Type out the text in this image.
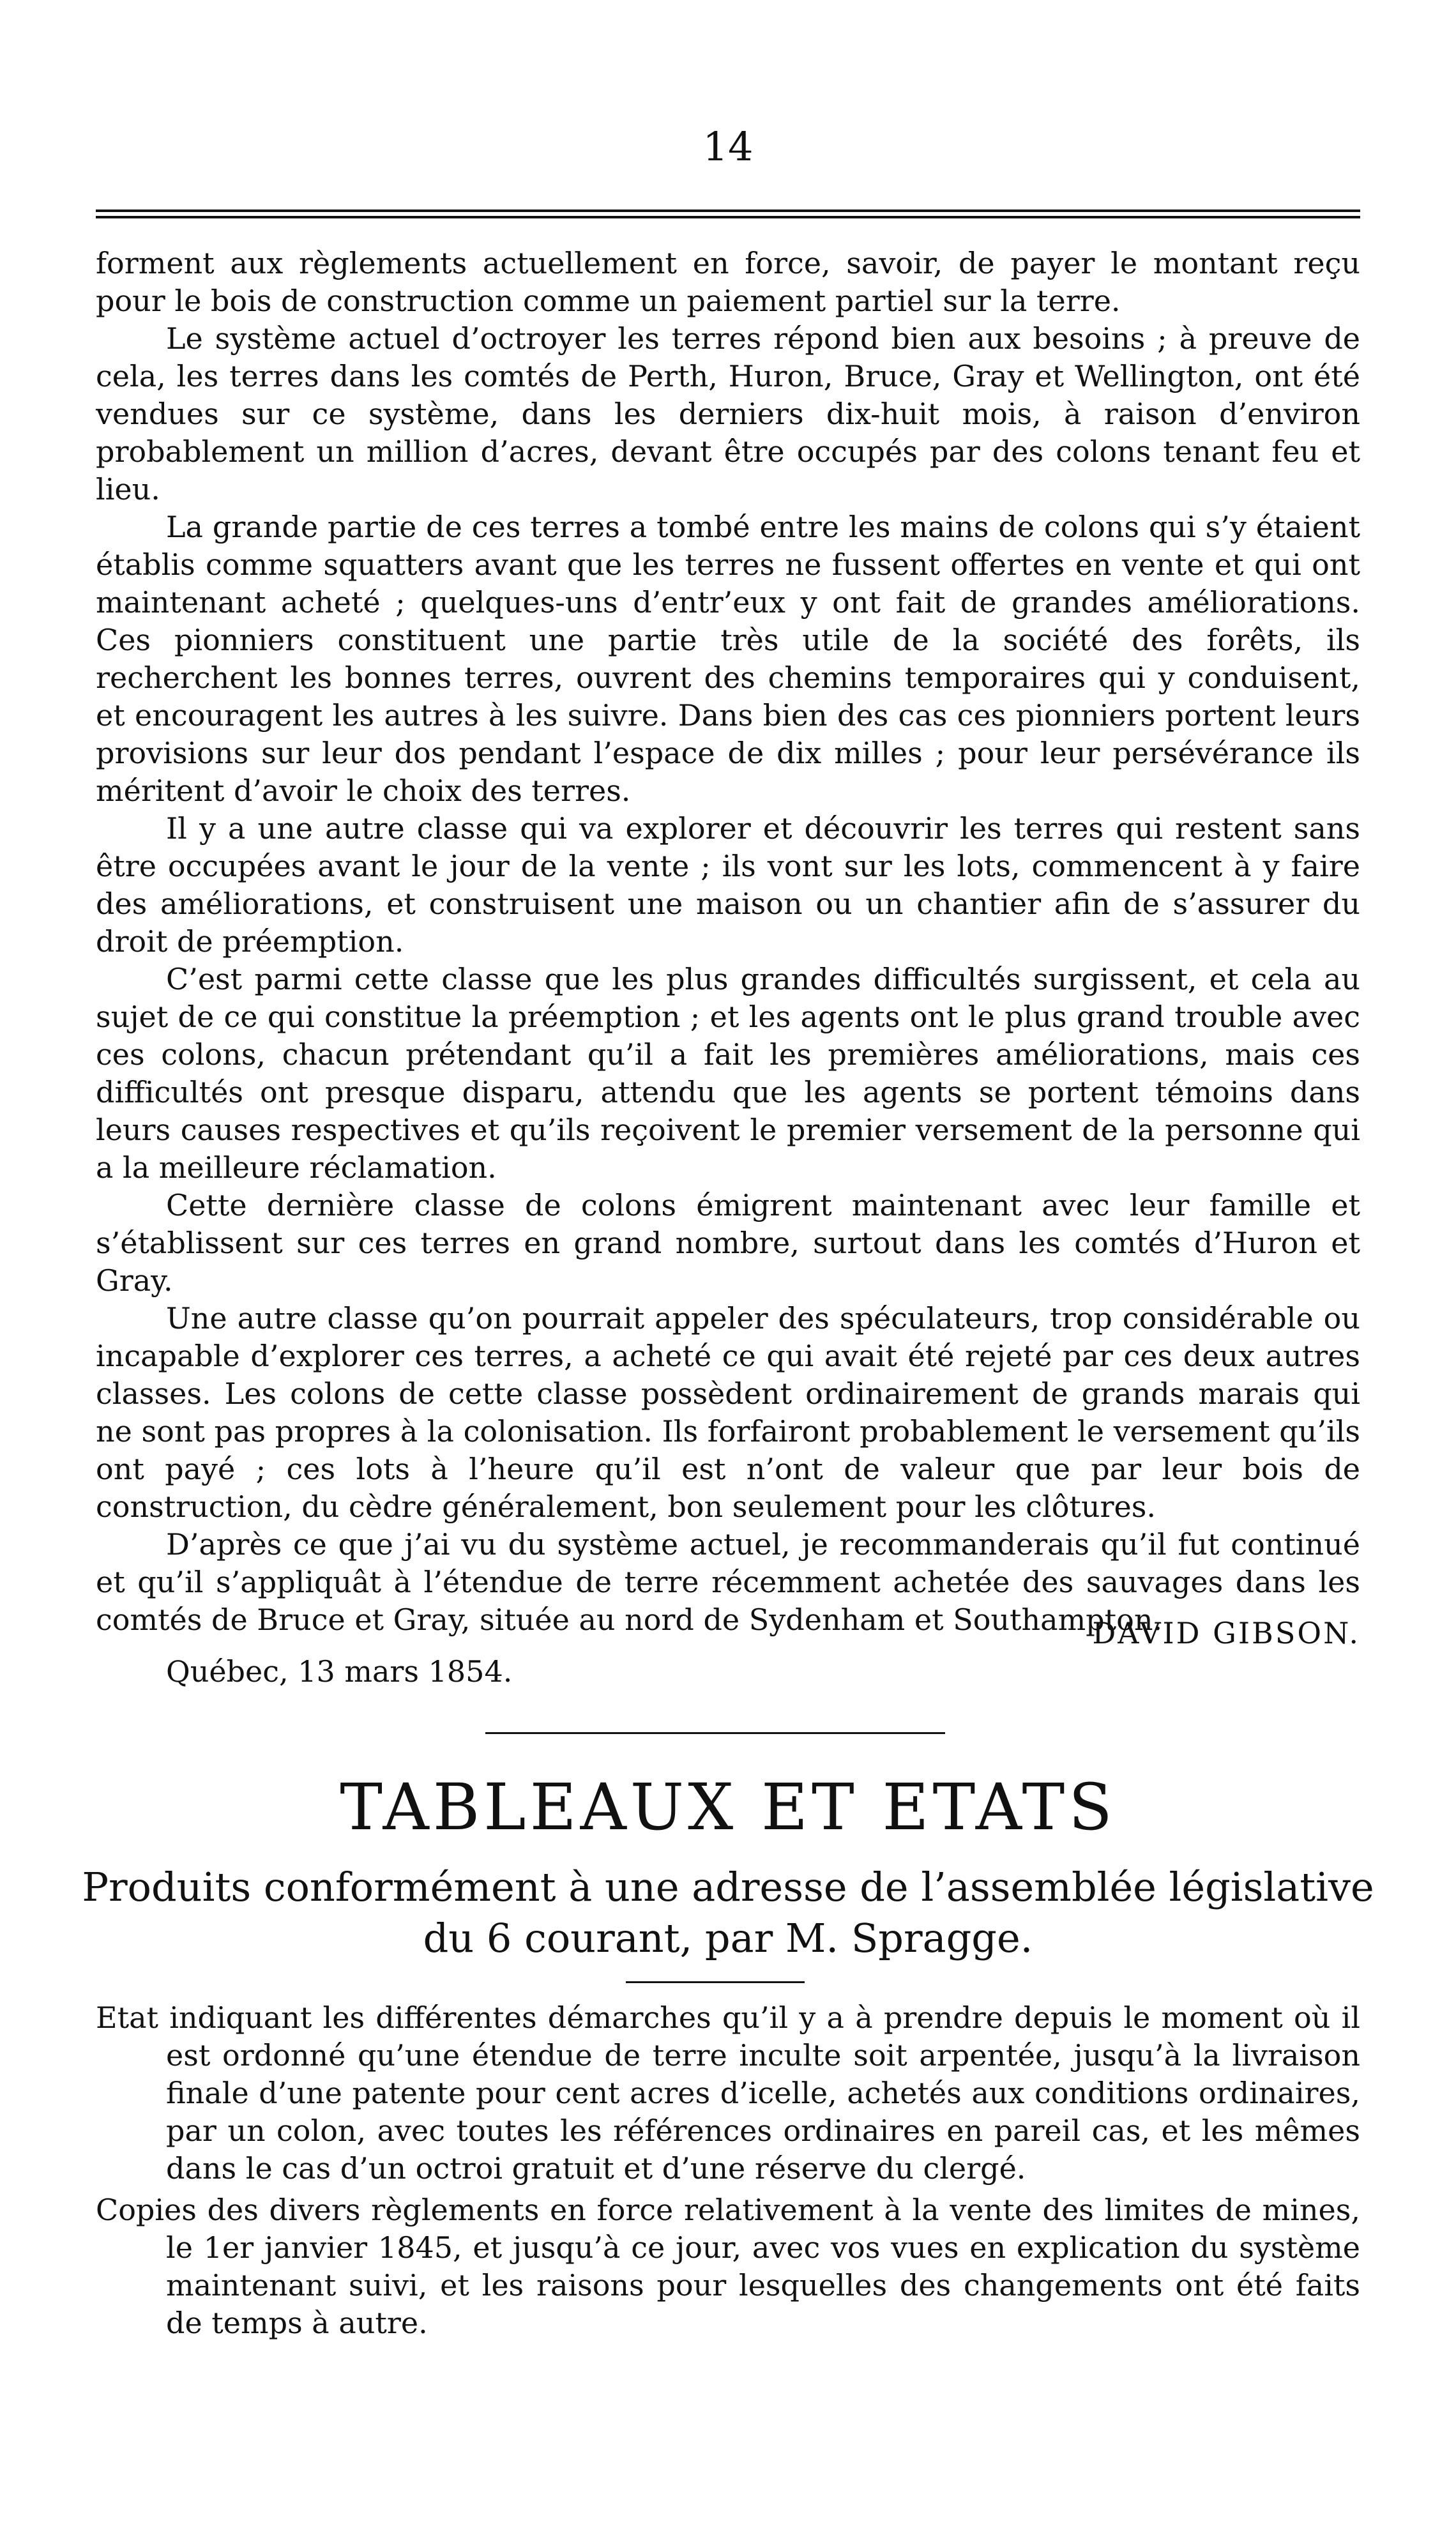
14

forment aux règlements actuellement en force, savoir, de payer le montant reçu pour le bois de construction comme un paiement partiel sur la terre.

Le système actuel d’octroyer les terres répond bien aux besoins ; à preuve de cela, les terres dans les comtés de Perth, Huron, Bruce, Gray et Wellington, ont été vendues sur ce système, dans les derniers dix-huit mois, à raison d’environ probablement un million d’acres, devant être occupés par des colons tenant feu et lieu.

La grande partie de ces terres a tombé entre les mains de colons qui s’y étaient établis comme squatters avant que les terres ne fussent offertes en vente et qui ont maintenant acheté ; quelques-uns d’entr’eux y ont fait de grandes améliorations. Ces pionniers constituent une partie très utile de la société des forêts, ils recherchent les bonnes terres, ouvrent des chemins temporaires qui y conduisent, et encouragent les autres à les suivre. Dans bien des cas ces pionniers portent leurs provisions sur leur dos pendant l’espace de dix milles ; pour leur persévérance ils méritent d’avoir le choix des terres.

Il y a une autre classe qui va explorer et découvrir les terres qui restent sans être occupées avant le jour de la vente ; ils vont sur les lots, commencent à y faire des améliorations, et construisent une maison ou un chantier afin de s’assurer du droit de préemption.

C’est parmi cette classe que les plus grandes difficultés surgissent, et cela au sujet de ce qui constitue la préemption ; et les agents ont le plus grand trouble avec ces colons, chacun prétendant qu’il a fait les premières améliorations, mais ces difficultés ont presque disparu, attendu que les agents se portent témoins dans leurs causes respectives et qu’ils reçoivent le premier versement de la personne qui a la meilleure réclamation.

Cette dernière classe de colons émigrent maintenant avec leur famille et s’établissent sur ces terres en grand nombre, surtout dans les comtés d’Huron et Gray.

Une autre classe qu’on pourrait appeler des spéculateurs, trop considérable ou incapable d’explorer ces terres, a acheté ce qui avait été rejeté par ces deux autres classes. Les colons de cette classe possèdent ordinairement de grands marais qui ne sont pas propres à la colonisation. Ils forfairont probablement le versement qu’ils ont payé ; ces lots à l’heure qu’il est n’ont de valeur que par leur bois de construction, du cèdre généralement, bon seulement pour les clôtures.

D’après ce que j’ai vu du système actuel, je recommanderais qu’il fut continué et qu’il s’appliquât à l’étendue de terre récemment achetée des sauvages dans les comtés de Bruce et Gray, située au nord de Sydenham et Southampton.

DAVID GIBSON.
Québec, 13 mars 1854.
TABLEAUX ET ETATS
Produits conformément à une adresse de l’assemblée législative du 6 courant, par M. Spragge.

Etat indiquant les différentes démarches qu’il y a à prendre depuis le moment où il est ordonné qu’une étendue de terre inculte soit arpentée, jusqu’à la livraison finale d’une patente pour cent acres d’icelle, achetés aux conditions ordinaires, par un colon, avec toutes les références ordinaires en pareil cas, et les mêmes dans le cas d’un octroi gratuit et d’une réserve du clergé.

Copies des divers règlements en force relativement à la vente des limites de mines, le 1er janvier 1845, et jusqu’à ce jour, avec vos vues en explication du système maintenant suivi, et les raisons pour lesquelles des changements ont été faits de temps à autre.
